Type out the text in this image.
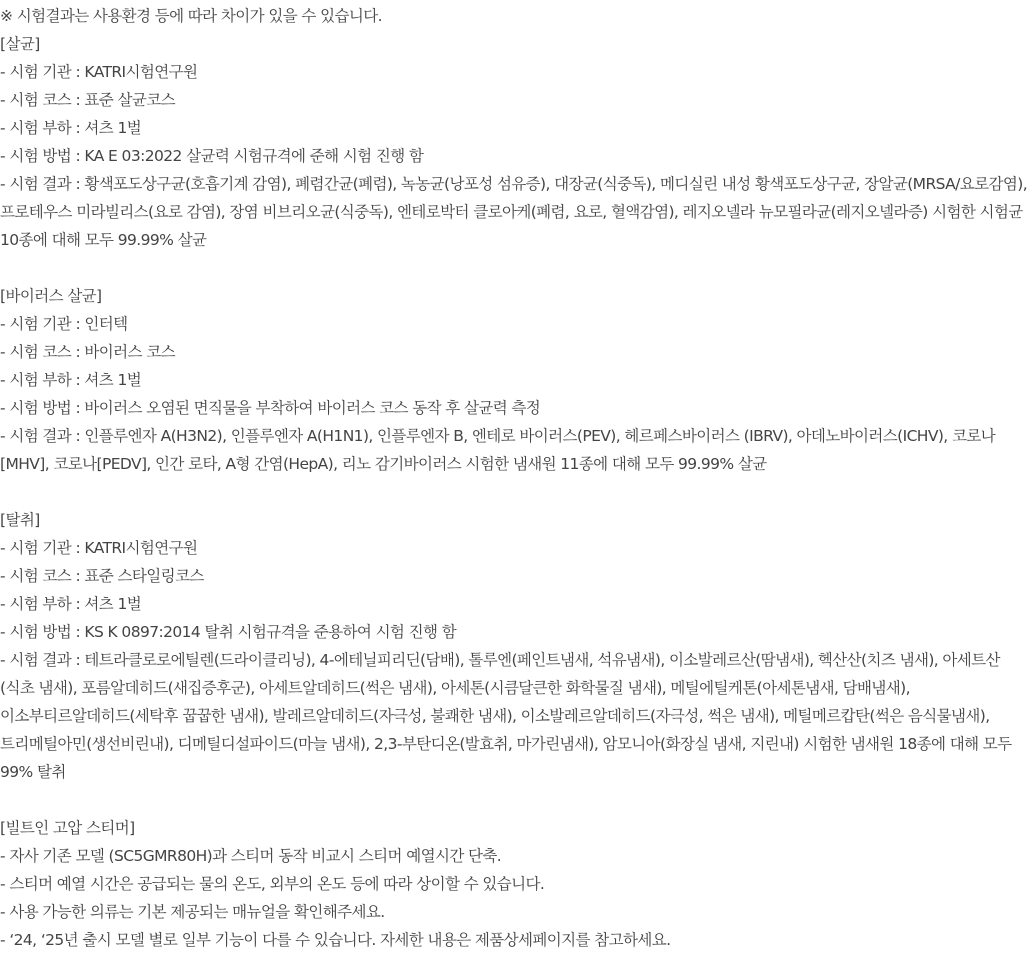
※ 시험결과는 사용환경 등에 따라 차이가 있을 수 있습니다.

[살균]

- 시험 기관 : KATRI시험연구원

- 시험 코스 : 표준 살균코스

- 시험 부하 : 셔츠 1벌

- 시험 방법 : KA E 03:2022 살균력 시험규격에 준해 시험 진행 함

- 시험 결과 : 황색포도상구균(호흡기계 감염), 폐렴간균(폐렴), 녹농균(낭포성 섬유증), 대장균(식중독), 메디실린 내성 황색포도상구균, 장알균(MRSA/요로감염), 프로테우스 미라빌리스(요로 감염), 장염 비브리오균(식중독), 엔테로박터 클로아케(폐렴, 요로, 혈액감염), 레지오넬라 뉴모필라균(레지오넬라증) 시험한 시험균 10종에 대해 모두 99.99% 살균

[바이러스 살균]

- 시험 기관 : 인터텍

- 시험 코스 : 바이러스 코스

- 시험 부하 : 셔츠 1벌

- 시험 방법 : 바이러스 오염된 면직물을 부착하여 바이러스 코스 동작 후 살균력 측정

- 시험 결과 : 인플루엔자 A(H3N2), 인플루엔자 A(H1N1), 인플루엔자 B, 엔테로 바이러스(PEV), 헤르페스바이러스 (IBRV), 아데노바이러스(ICHV), 코로나[MHV], 코로나[PEDV], 인간 로타, A형 간염(HepA), 리노 감기바이러스 시험한 냄새원 11종에 대해 모두 99.99% 살균

[탈취]

- 시험 기관 : KATRI시험연구원

- 시험 코스 : 표준 스타일링코스

- 시험 부하 : 셔츠 1벌

- 시험 방법 : KS K 0897:2014 탈취 시험규격을 준용하여 시험 진행 함

- 시험 결과 : 테트라클로로에틸렌(드라이클리닝), 4-에테닐피리딘(담배), 톨루엔(페인트냄새, 석유냄새), 이소발레르산(땀냄새), 헥산산(치즈 냄새), 아세트산(식초 냄새), 포름알데히드(새집증후군), 아세트알데히드(썩은 냄새), 아세톤(시큼달큰한 화학물질 냄새), 메틸에틸케톤(아세톤냄새, 담배냄새), 이소부티르알데히드(세탁후 꿉꿉한 냄새), 발레르알데히드(자극성, 불쾌한 냄새), 이소발레르알데히드(자극성, 썩은 냄새), 메틸메르캅탄(썩은 음식물냄새), 트리메틸아민(생선비린내), 디메틸디설파이드(마늘 냄새), 2,3-부탄디온(발효취, 마가린냄새), 암모니아(화장실 냄새, 지린내) 시험한 냄새원 18종에 대해 모두 99% 탈취

[빌트인 고압 스티머]

- 자사 기존 모델 (SC5GMR80H)과 스티머 동작 비교시 스티머 예열시간 단축.

- 스티머 예열 시간은 공급되는 물의 온도, 외부의 온도 등에 따라 상이할 수 있습니다.

- 사용 가능한 의류는 기본 제공되는 매뉴얼을 확인해주세요.

- ‘24, ‘25년 출시 모델 별로 일부 기능이 다를 수 있습니다. 자세한 내용은 제품상세페이지를 참고하세요.
